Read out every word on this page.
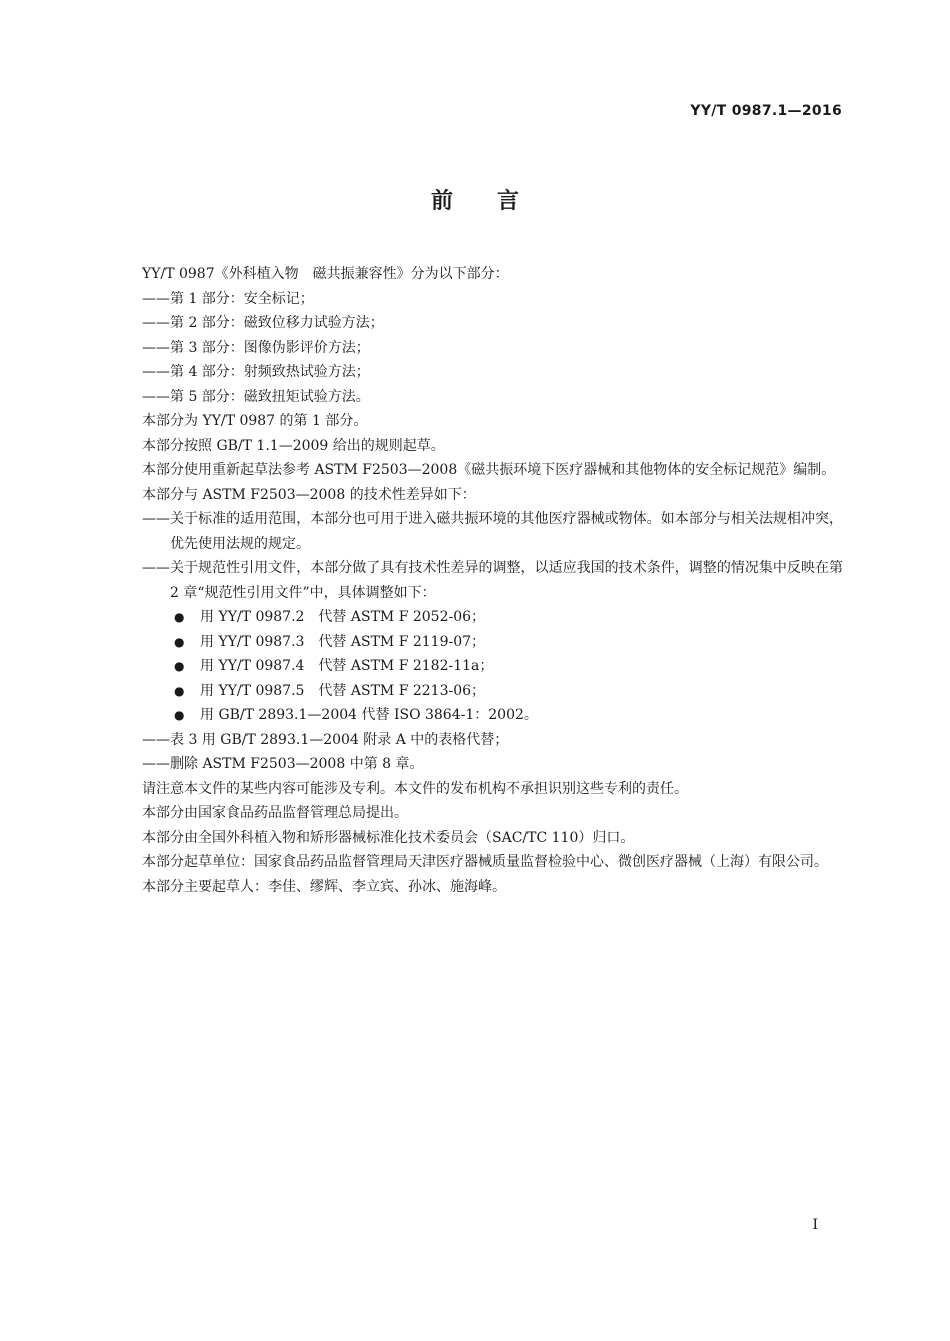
YY/T 0987.1—2016
前言

YY/T 0987《外科植入物　磁共振兼容性》分为以下部分：

——第 1 部分：安全标记；

——第 2 部分：磁致位移力试验方法；

——第 3 部分：图像伪影评价方法；

——第 4 部分：射频致热试验方法；

——第 5 部分：磁致扭矩试验方法。

本部分为 YY/T 0987 的第 1 部分。

本部分按照 GB/T 1.1—2009 给出的规则起草。

本部分使用重新起草法参考 ASTM F2503—2008《磁共振环境下医疗器械和其他物体的安全标记规范》编制。

本部分与 ASTM F2503—2008 的技术性差异如下：

——关于标准的适用范围，本部分也可用于进入磁共振环境的其他医疗器械或物体。如本部分与相关法规相冲突，优先使用法规的规定。

——关于规范性引用文件，本部分做了具有技术性差异的调整，以适应我国的技术条件，调整的情况集中反映在第 2 章“规范性引用文件”中，具体调整如下：

● 用 YY/T 0987.2　代替 ASTM F 2052-06；

● 用 YY/T 0987.3　代替 ASTM F 2119-07；

● 用 YY/T 0987.4　代替 ASTM F 2182-11a；

● 用 YY/T 0987.5　代替 ASTM F 2213-06；

● 用 GB/T 2893.1—2004 代替 ISO 3864-1：2002。

——表 3 用 GB/T 2893.1—2004 附录 A 中的表格代替；

——删除 ASTM F2503—2008 中第 8 章。

请注意本文件的某些内容可能涉及专利。本文件的发布机构不承担识别这些专利的责任。

本部分由国家食品药品监督管理总局提出。

本部分由全国外科植入物和矫形器械标准化技术委员会（SAC/TC 110）归口。

本部分起草单位：国家食品药品监督管理局天津医疗器械质量监督检验中心、微创医疗器械（上海）有限公司。

本部分主要起草人：李佳、缪辉、李立宾、孙冰、施海峰。

I
